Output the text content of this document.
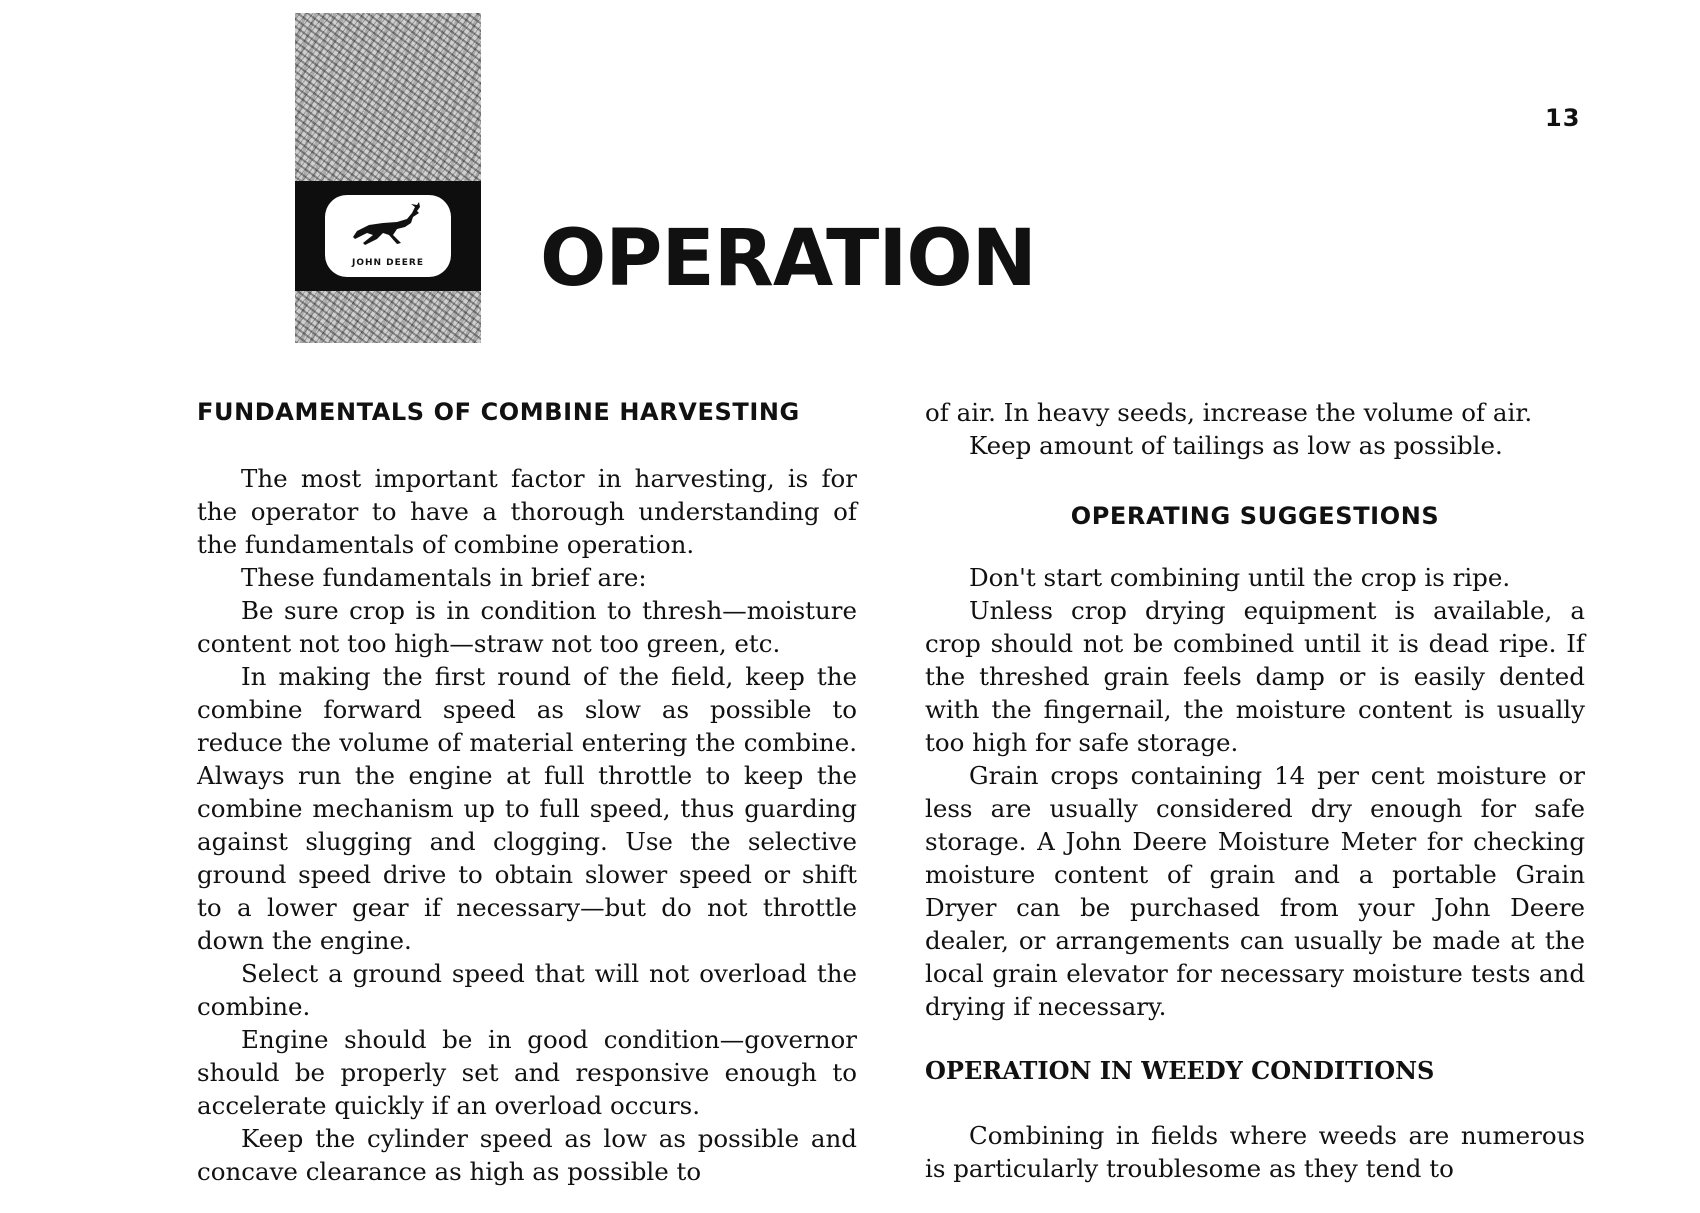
13
JOHN DEERE	OPERATION
FUNDAMENTALS OF COMBINE HARVESTING

The most important factor in harvesting, is for the operator to have a thorough understanding of the fundamentals of combine operation.

These fundamentals in brief are:

Be sure crop is in condition to thresh—moisture content not too high—straw not too green, etc.

In making the first round of the field, keep the combine forward speed as slow as possible to reduce the volume of material entering the combine. Always run the engine at full throttle to keep the combine mechanism up to full speed, thus guarding against slugging and clogging. Use the selective ground speed drive to obtain slower speed or shift to a lower gear if necessary—but do not throttle down the engine.

Select a ground speed that will not overload the combine.

Engine should be in good condition—governor should be properly set and responsive enough to accelerate quickly if an overload occurs.

Keep the cylinder speed as low as possible and concave clearance as high as possible to

of air. In heavy seeds, increase the volume of air.

Keep amount of tailings as low as possible.

OPERATING SUGGESTIONS

Don't start combining until the crop is ripe.

Unless crop drying equipment is available, a crop should not be combined until it is dead ripe. If the threshed grain feels damp or is easily dented with the fingernail, the moisture content is usually too high for safe storage.

Grain crops containing 14 per cent moisture or less are usually considered dry enough for safe storage. A John Deere Moisture Meter for checking moisture content of grain and a portable Grain Dryer can be purchased from your John Deere dealer, or arrangements can usually be made at the local grain elevator for necessary moisture tests and drying if necessary.

OPERATION IN WEEDY CONDITIONS

Combining in fields where weeds are numerous is particularly troublesome as they tend to
